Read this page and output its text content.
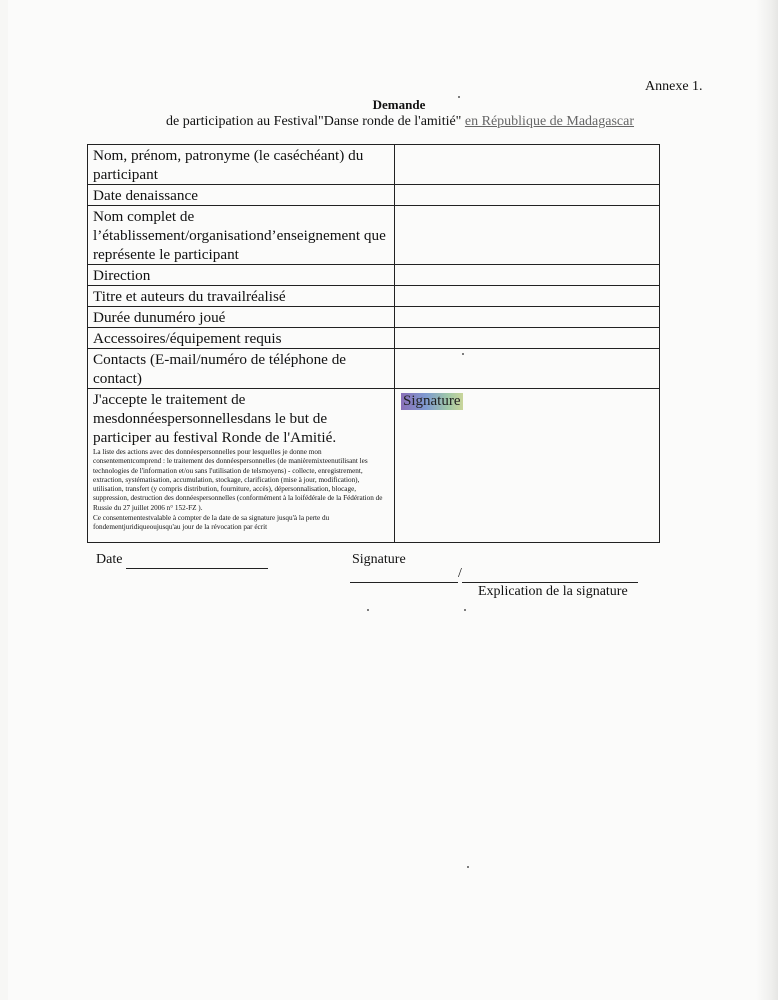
Annexe 1.
Demande
de participation au Festival"Danse ronde de l'amitié" en République de Madagascar
Nom, prénom, patronyme (le caséchéant) du participant	
Date denaissance	
Nom complet de l’établissement/organisationd’enseignement que représente le participant	
Direction	
Titre et auteurs du travailréalisé	
Durée dunuméro joué	
Accessoires/équipement requis	
Contacts (E-mail/numéro de téléphone de contact)	

J'accepte le traitement de mesdonnéespersonnellesdans le but de participer au festival Ronde de l'Amitié.
La liste des actions avec des donnéespersonnelles pour lesquelles je donne mon consentementcomprend : le traitement des donnéespersonnelles (de manièremixteenutilisant les technologies de l'information et/ou sans l'utilisation de telsmoyens) - collecte, enregistrement, extraction, systématisation, accumulation, stockage, clarification (mise à jour, modification), utilisation, transfert (y compris distribution, fourniture, accès), dépersonnalisation, blocage, suppression, destruction des donnéespersonnelles (conformément à la loifédérale de la Fédération de Russie du 27 juillet 2006 n° 152-FZ ).
Ce consentementestvalable à compter de la date de sa signature jusqu'à la perte du fondementjuridiqueoujusqu'au jour de la révocation par écrit	Signature
Date	Signature
/
Explication de la signature
